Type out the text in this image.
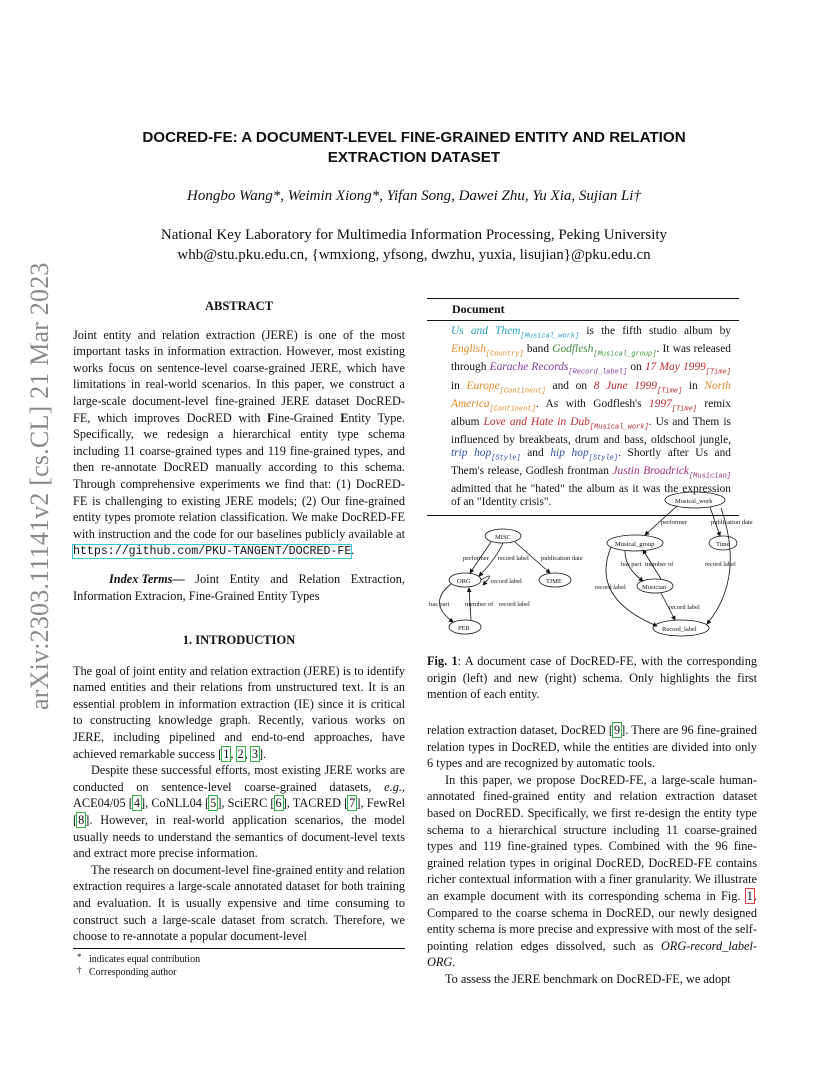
arXiv:2303.11141v2 [cs.CL] 21 Mar 2023
DOCRED-FE: A DOCUMENT-LEVEL FINE-GRAINED ENTITY AND RELATION
EXTRACTION DATASET
Hongbo Wang*, Weimin Xiong*, Yifan Song, Dawei Zhu, Yu Xia, Sujian Li†
National Key Laboratory for Multimedia Information Processing, Peking University
whb@stu.pku.edu.cn, {wmxiong, yfsong, dwzhu, yuxia, lisujian}@pku.edu.cn
ABSTRACT

Joint entity and relation extraction (JERE) is one of the most important tasks in information extraction. However, most existing works focus on sentence-level coarse-grained JERE, which have limitations in real-world scenarios. In this paper, we construct a large-scale document-level fine-grained JERE dataset DocRED-FE, which improves DocRED with Fine-Grained Entity Type. Specifically, we redesign a hierarchical entity type schema including 11 coarse-grained types and 119 fine-grained types, and then re-annotate DocRED manually according to this schema. Through comprehensive experiments we find that: (1) DocRED-FE is challenging to existing JERE models; (2) Our fine-grained entity types promote relation classification. We make DocRED-FE with instruction and the code for our baselines publicly available at https://github.com/PKU-TANGENT/DOCRED-FE.

Index Terms— Joint Entity and Relation Extraction, Information Extracion, Fine-Grained Entity Types

1. INTRODUCTION

The goal of joint entity and relation extraction (JERE) is to identify named entities and their relations from unstructured text. It is an essential problem in information extraction (IE) since it is critical to constructing knowledge graph. Recently, various works on JERE, including pipelined and end-to-end approaches, have achieved remarkable success [1, 2, 3].

Despite these successful efforts, most existing JERE works are conducted on sentence-level coarse-grained datasets, e.g., ACE04/05 [4], CoNLL04 [5], SciERC [6], TACRED [7], FewRel [8]. However, in real-world application scenarios, the model usually needs to understand the semantics of document-level texts and extract more precise information.

The research on document-level fine-grained entity and relation extraction requires a large-scale annotated dataset for both training and evaluation. It is usually expensive and time consuming to construct such a large-scale dataset from scratch. Therefore, we choose to re-annotate a popular document-level

* indicates equal contribution
† Corresponding author
Document
Us and Them$_{[Musical\_work]}$ is the fifth studio album by English$_{[Country]}$ band Godflesh$_{[Musical\_group]}$. It was released through Earache Records$_{[Record\_label]}$ on 17 May $1999_{[Time]}$ in Europe$_{[Continent]}$ and on 8 June $1999_{[Time]}$ in North America$_{[Continent]}$. As with Godflesh's $1997_{[Time]}$ remix album Love and Hate in Dub$_{[Musical\_work]}$. Us and Them is influenced by breakbeats, drum and bass, oldschool jungle, trip hop$_{[Style]}$ and hip hop$_{[Style]}$. Shortly after Us and Them's release, Godlesh frontman Justin Broadrick$_{[Musician]}$ admitted that he "hated" the album as it was the expression of an "Identity crisis".
MISC
ORG	TIME
PER
performer record label publication date
record label
has part member of record label
Musical_work
Musical_group	Time
Musician
Record_label
performer	publication date
has part member of
record label
record label
record label

Fig. 1: A document case of DocRED-FE, with the corresponding origin (left) and new (right) schema. Only highlights the first mention of each entity.

relation extraction dataset, DocRED [9]. There are 96 fine-grained relation types in DocRED, while the entities are divided into only 6 types and are recognized by automatic tools.

In this paper, we propose DocRED-FE, a large-scale human-annotated fined-grained entity and relation extraction dataset based on DocRED. Specifically, we first re-design the entity type schema to a hierarchical structure including 11 coarse-grained types and 119 fine-grained types. Combined with the 96 fine-grained relation types in original DocRED, DocRED-FE contains richer contextual information with a finer granularity. We illustrate an example document with its corresponding schema in Fig. 1. Compared to the coarse schema in DocRED, our newly designed entity schema is more precise and expressive with most of the self-pointing relation edges dissolved, such as ORG-record_label-ORG.

To assess the JERE benchmark on DocRED-FE, we adopt
